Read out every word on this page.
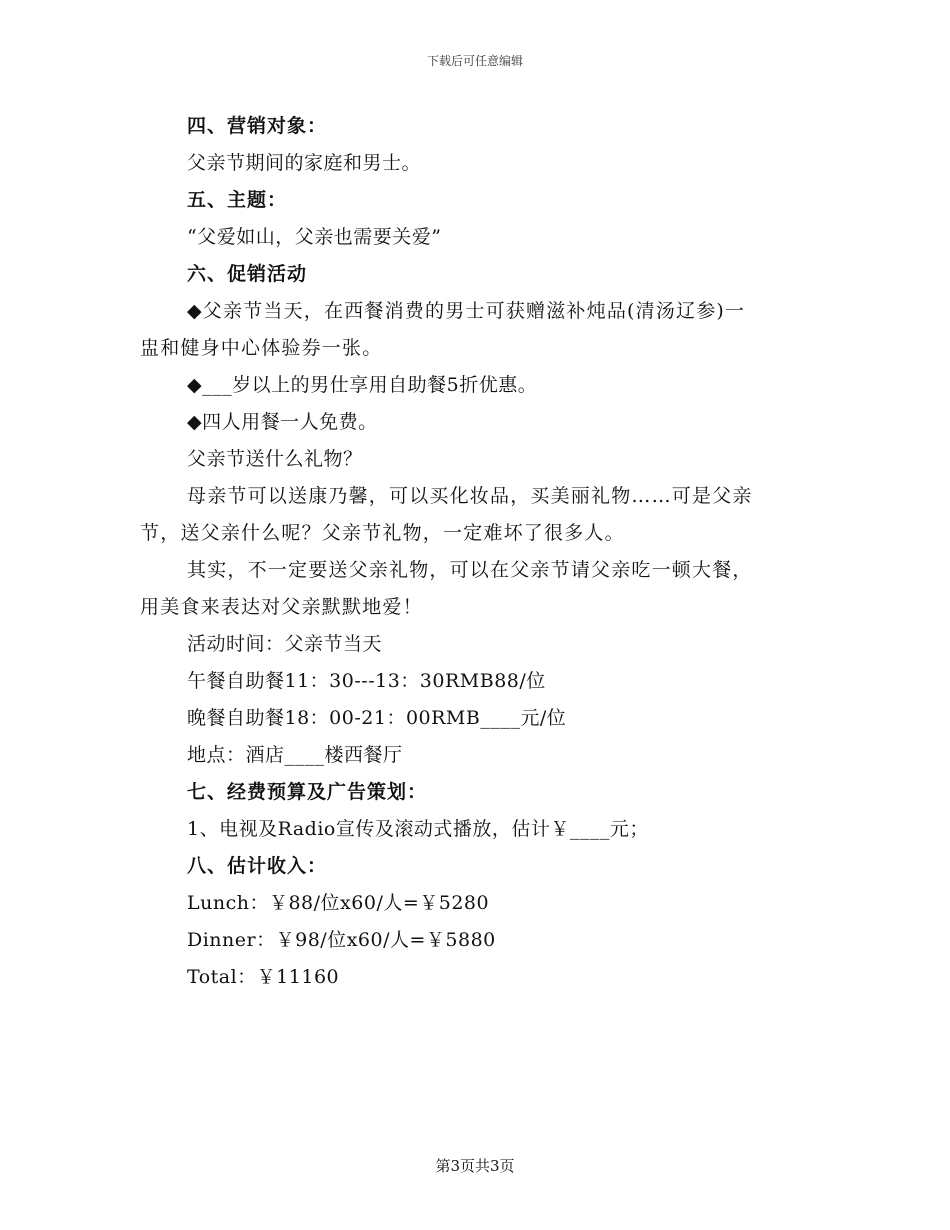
下载后可任意编辑
四、营销对象：
父亲节期间的家庭和男士。
五、主题：
“父爱如山，父亲也需要关爱”
六、促销活动
◆父亲节当天，在西餐消费的男士可获赠滋补炖品(清汤辽参)一
盅和健身中心体验券一张。
◆___岁以上的男仕享用自助餐5折优惠。
◆四人用餐一人免费。
父亲节送什么礼物？
母亲节可以送康乃馨，可以买化妆品，买美丽礼物……可是父亲
节，送父亲什么呢？父亲节礼物，一定难坏了很多人。
其实，不一定要送父亲礼物，可以在父亲节请父亲吃一顿大餐，
用美食来表达对父亲默默地爱！
活动时间：父亲节当天
午餐自助餐11：30---13：30RMB88/位
晚餐自助餐18：00-21：00RMB____元/位
地点：酒店____楼西餐厅
七、经费预算及广告策划：
1、电视及Radio宣传及滚动式播放，估计￥____元；
八、估计收入：
Lunch：￥88/位x60/人=￥5280
Dinner：￥98/位x60/人=￥5880
Total：￥11160
第3页共3页
